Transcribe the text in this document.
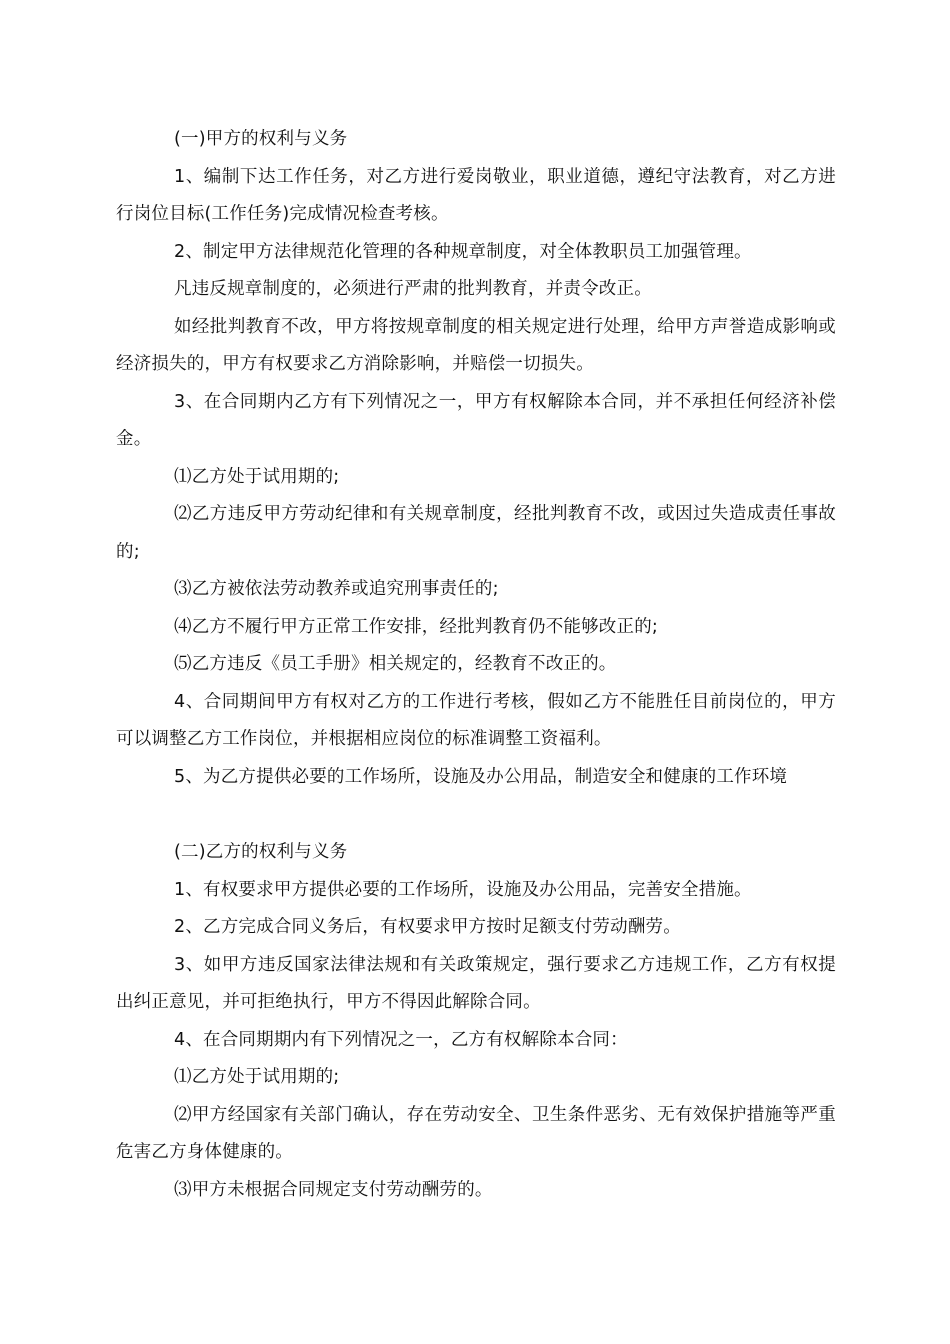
(一)甲方的权利与义务

1、编制下达工作任务，对乙方进行爱岗敬业，职业道德，遵纪守法教育，对乙方进行岗位目标(工作任务)完成情况检查考核。

2、制定甲方法律规范化管理的各种规章制度，对全体教职员工加强管理。

凡违反规章制度的，必须进行严肃的批判教育，并责令改正。

如经批判教育不改，甲方将按规章制度的相关规定进行处理，给甲方声誉造成影响或经济损失的，甲方有权要求乙方消除影响，并赔偿一切损失。

3、在合同期内乙方有下列情况之一，甲方有权解除本合同，并不承担任何经济补偿金。

⑴乙方处于试用期的;

⑵乙方违反甲方劳动纪律和有关规章制度，经批判教育不改，或因过失造成责任事故的;

⑶乙方被依法劳动教养或追究刑事责任的;

⑷乙方不履行甲方正常工作安排，经批判教育仍不能够改正的;

⑸乙方违反《员工手册》相关规定的，经教育不改正的。

4、合同期间甲方有权对乙方的工作进行考核，假如乙方不能胜任目前岗位的，甲方可以调整乙方工作岗位，并根据相应岗位的标准调整工资福利。

5、为乙方提供必要的工作场所，设施及办公用品，制造安全和健康的工作环境

(二)乙方的权利与义务

1、有权要求甲方提供必要的工作场所，设施及办公用品，完善安全措施。

2、乙方完成合同义务后，有权要求甲方按时足额支付劳动酬劳。

3、如甲方违反国家法律法规和有关政策规定，强行要求乙方违规工作，乙方有权提出纠正意见，并可拒绝执行，甲方不得因此解除合同。

4、在合同期期内有下列情况之一，乙方有权解除本合同：

⑴乙方处于试用期的;

⑵甲方经国家有关部门确认，存在劳动安全、卫生条件恶劣、无有效保护措施等严重危害乙方身体健康的。

⑶甲方未根据合同规定支付劳动酬劳的。
